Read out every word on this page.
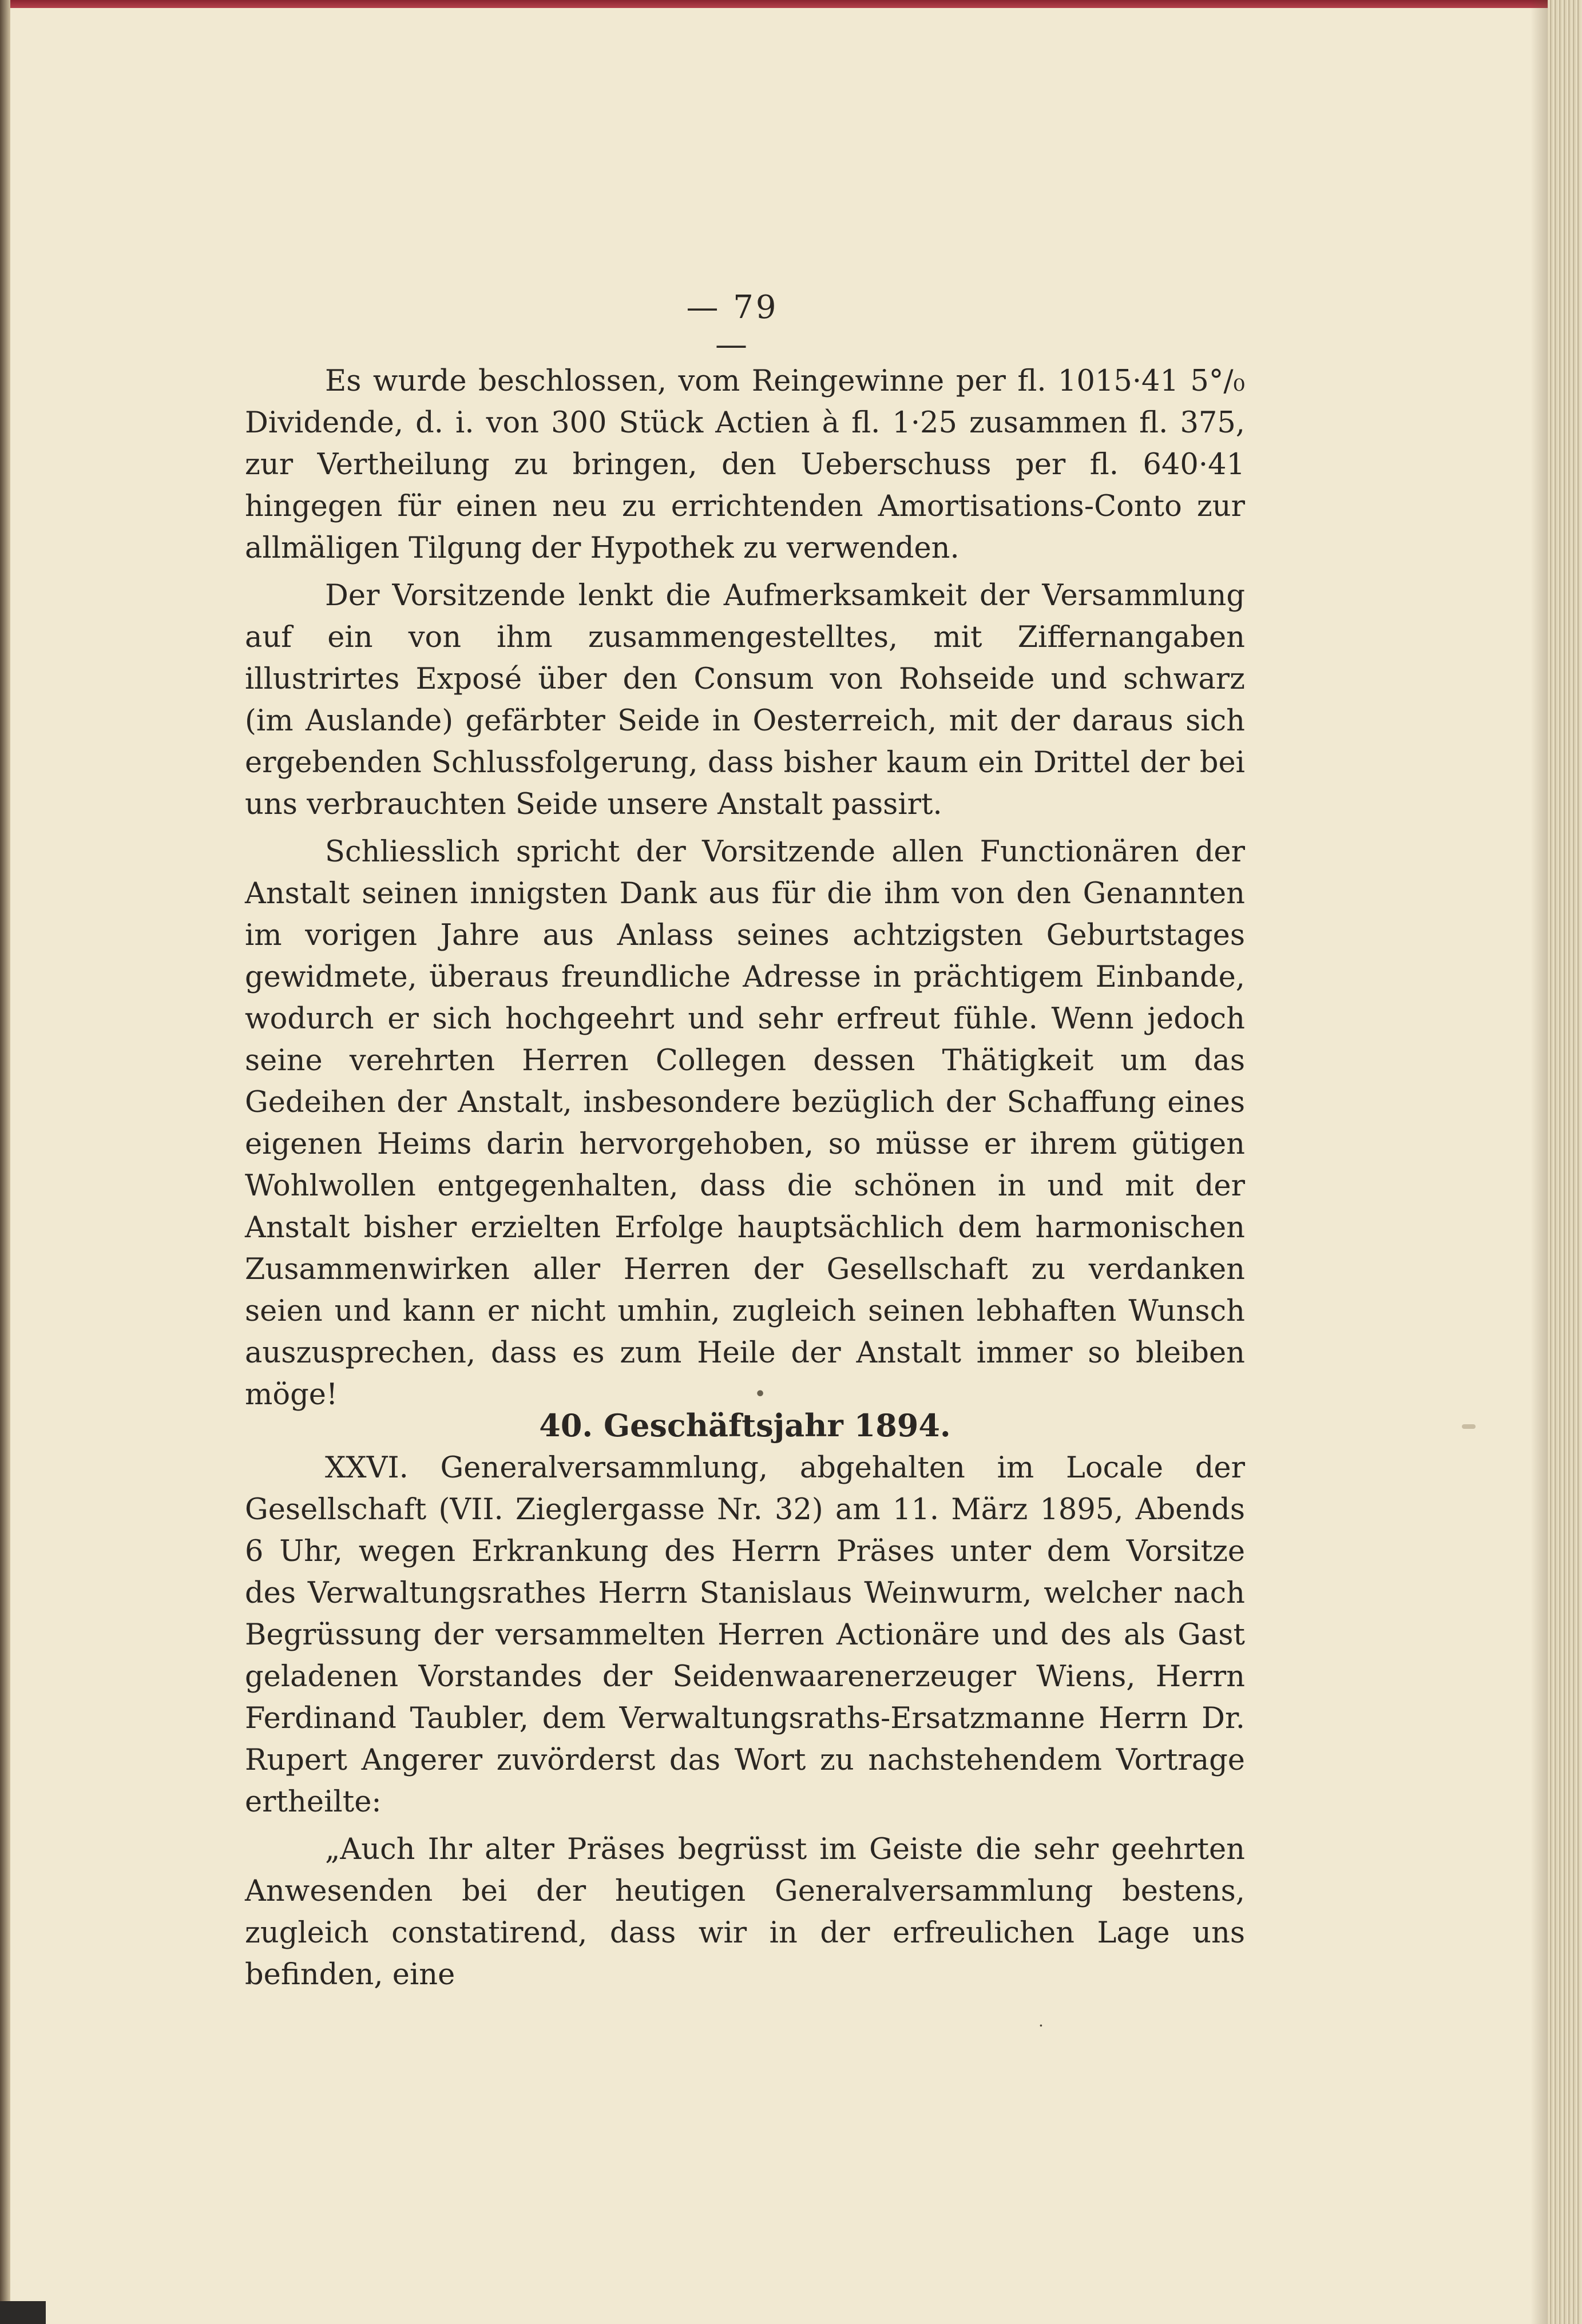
— 79 —

Es wurde beschlossen, vom Reingewinne per fl. 1015·41 5°/₀ Dividende, d. i. von 300 Stück Actien à fl. 1·25 zusammen fl. 375, zur Vertheilung zu bringen, den Ueberschuss per fl. 640·41 hingegen für einen neu zu errichtenden Amortisations-Conto zur allmäligen Tilgung der Hypothek zu verwenden.

Der Vorsitzende lenkt die Aufmerksamkeit der Versammlung auf ein von ihm zusammengestelltes, mit Ziffernangaben illustrirtes Exposé über den Consum von Rohseide und schwarz (im Auslande) gefärbter Seide in Oesterreich, mit der daraus sich ergebenden Schlussfolgerung, dass bisher kaum ein Drittel der bei uns verbrauchten Seide unsere Anstalt passirt.

Schliesslich spricht der Vorsitzende allen Functionären der Anstalt seinen innigsten Dank aus für die ihm von den Genannten im vorigen Jahre aus Anlass seines achtzigsten Geburtstages gewidmete, überaus freundliche Adresse in prächtigem Einbande, wodurch er sich hochgeehrt und sehr erfreut fühle. Wenn jedoch seine verehrten Herren Collegen dessen Thätigkeit um das Gedeihen der Anstalt, insbesondere bezüglich der Schaffung eines eigenen Heims darin hervorgehoben, so müsse er ihrem gütigen Wohlwollen entgegenhalten, dass die schönen in und mit der Anstalt bisher erzielten Erfolge hauptsächlich dem harmonischen Zusammenwirken aller Herren der Gesellschaft zu verdanken seien und kann er nicht umhin, zugleich seinen lebhaften Wunsch auszusprechen, dass es zum Heile der Anstalt immer so bleiben möge!	•
40. Geschäftsjahr 1894.

XXVI. Generalversammlung, abgehalten im Locale der Gesellschaft (VII. Zieglergasse Nr. 32) am 11. März 1895, Abends 6 Uhr, wegen Erkrankung des Herrn Präses unter dem Vorsitze des Verwaltungsrathes Herrn Stanislaus Weinwurm, welcher nach Begrüssung der versammelten Herren Actionäre und des als Gast geladenen Vorstandes der Seidenwaarenerzeuger Wiens, Herrn Ferdinand Taubler, dem Verwaltungsraths-Ersatzmanne Herrn Dr. Rupert Angerer zuvörderst das Wort zu nachstehendem Vortrage ertheilte:

„Auch Ihr alter Präses begrüsst im Geiste die sehr geehrten Anwesenden bei der heutigen Generalversammlung bestens, zugleich constatirend, dass wir in der erfreulichen Lage uns befinden, eine

·
